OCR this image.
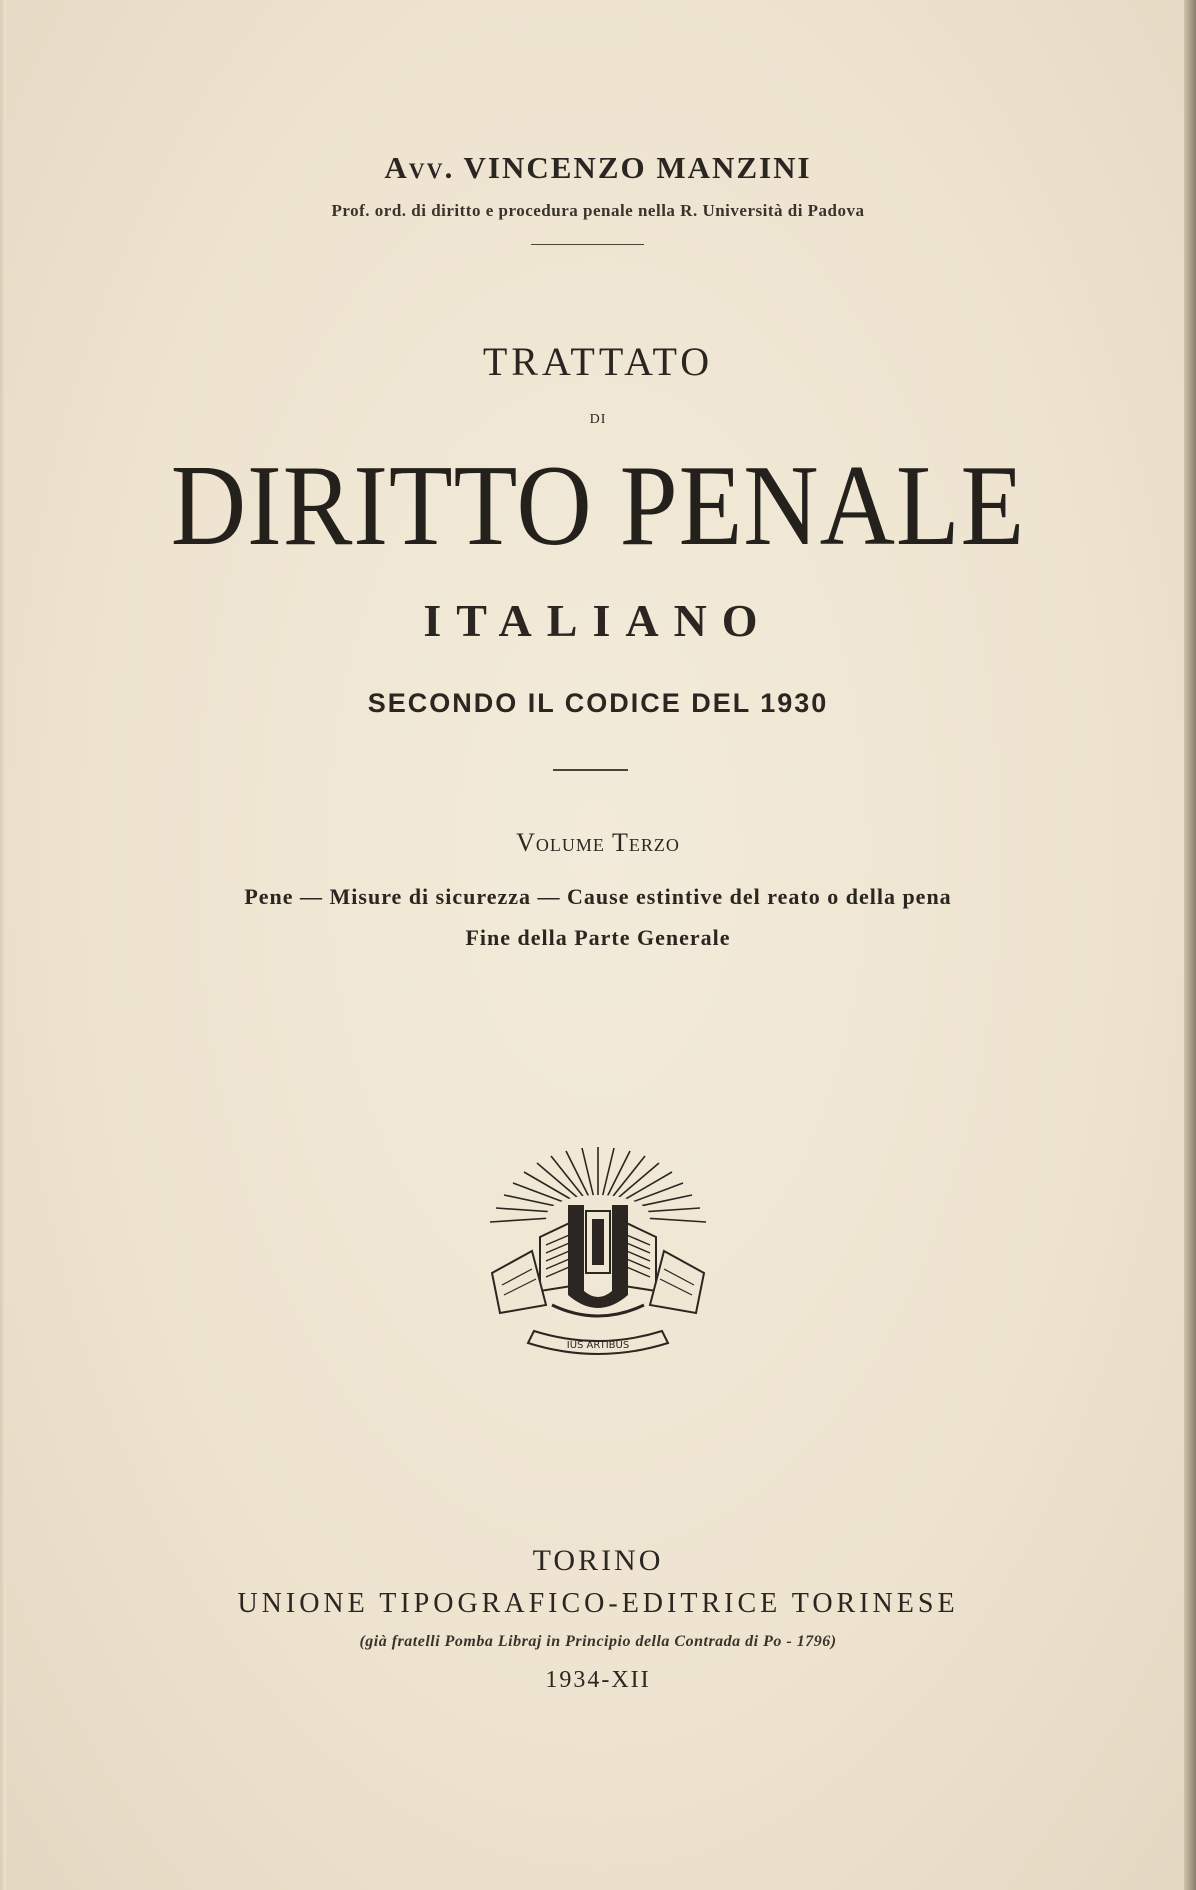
Avv. VINCENZO MANZINI
Prof. ord. di diritto e procedura penale nella R. Università di Padova
TRATTATO
DI
DIRITTO PENALE
ITALIANO
SECONDO IL CODICE DEL 1930
Volume Terzo
Pene — Misure di sicurezza — Cause estintive del reato o della pena
Fine della Parte Generale
IUS ARTIBUS
TORINO
UNIONE TIPOGRAFICO-EDITRICE TORINESE
(già fratelli Pomba Libraj in Principio della Contrada di Po - 1796)
1934-XII
